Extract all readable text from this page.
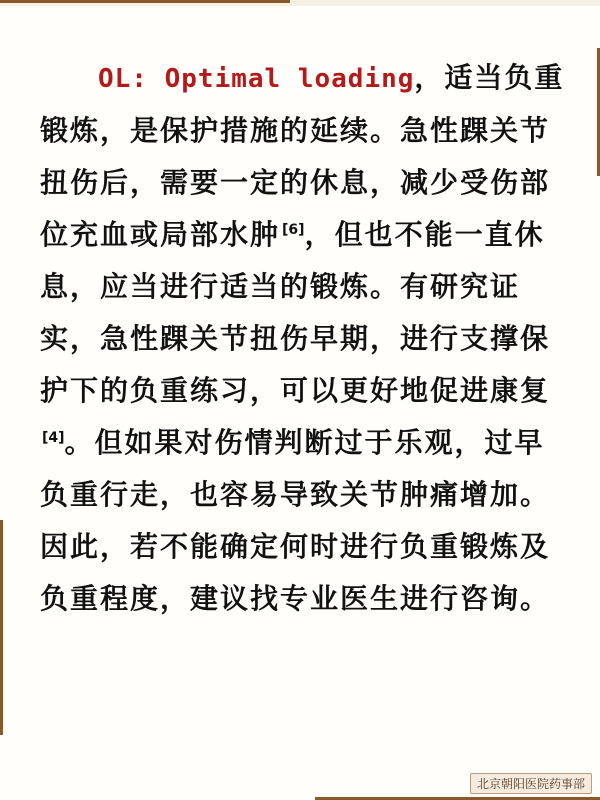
OL: Optimal loading，适当负重锻炼，是保护措施的延续。急性踝关节扭伤后，需要一定的休息，减少受伤部位充血或局部水肿 [6]，但也不能一直休息，应当进行适当的锻炼。有研究证实，急性踝关节扭伤早期，进行支撑保护下的负重练习，可以更好地促进康复[4]。但如果对伤情判断过于乐观，过早负重行走，也容易导致关节肿痛增加。因此，若不能确定何时进行负重锻炼及负重程度，建议找专业医生进行咨询。

北京朝阳医院药事部
